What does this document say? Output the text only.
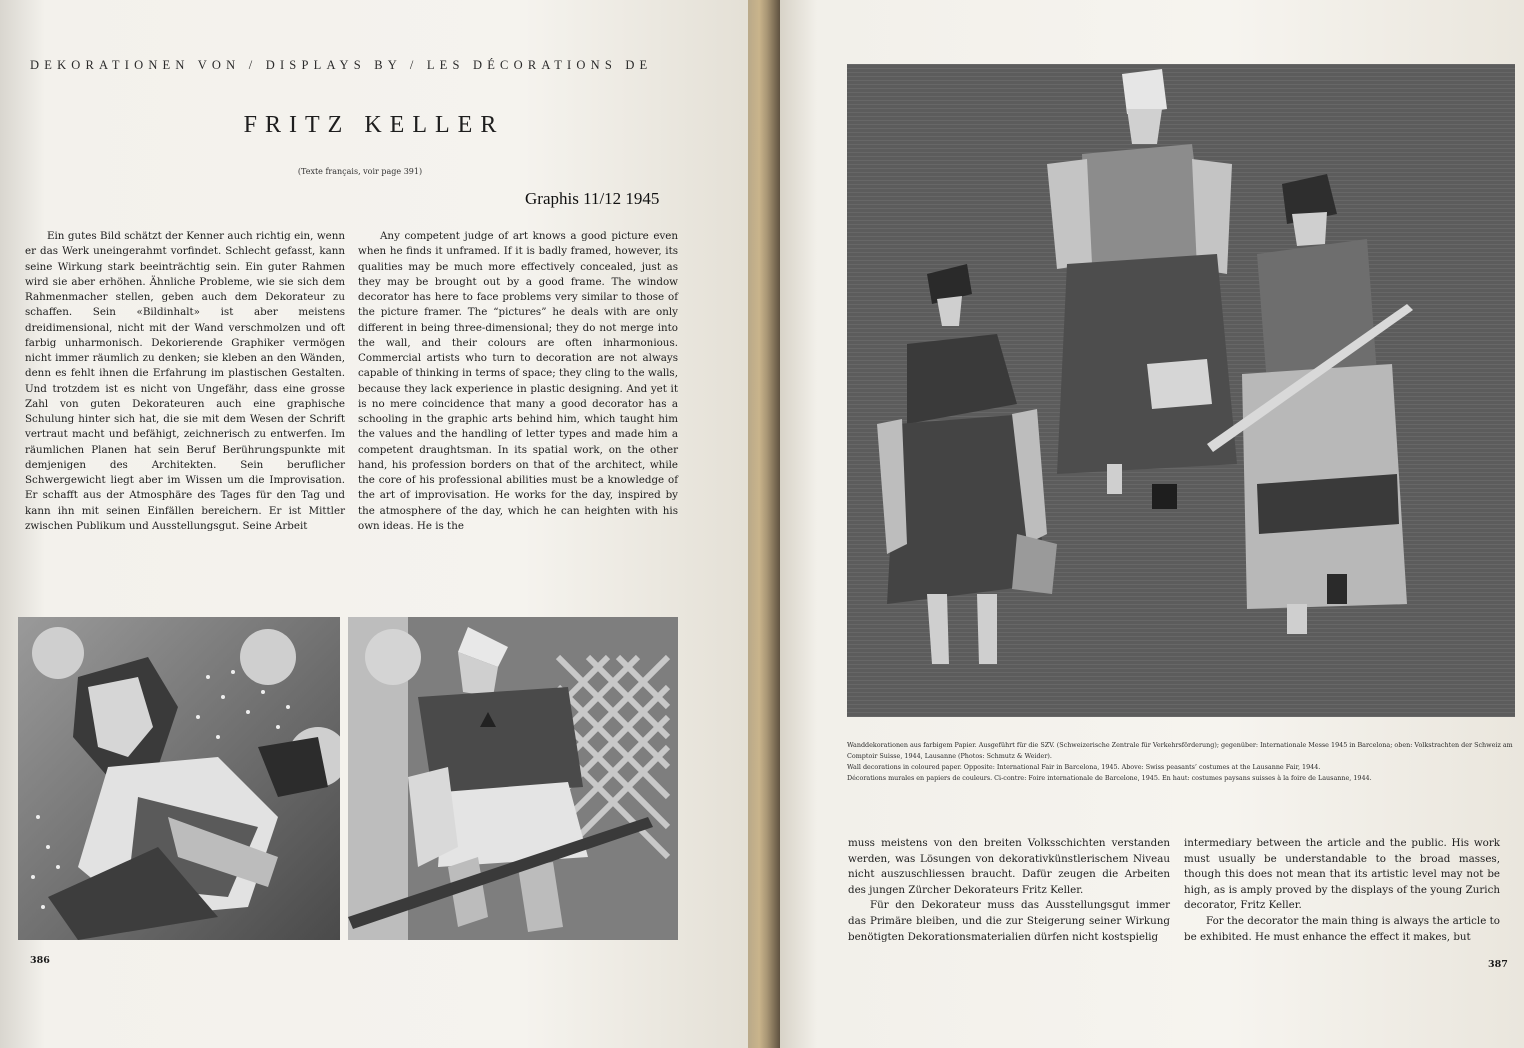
DEKORATIONEN VON / DISPLAYS BY / LES DÉCORATIONS DE
FRITZ KELLER
(Texte français, voir page 391)
Graphis 11/12 1945

Ein gutes Bild schätzt der Kenner auch richtig ein, wenn er das Werk uneingerahmt vorfindet. Schlecht gefasst, kann seine Wirkung stark beeinträchtig sein. Ein guter Rahmen wird sie aber erhöhen. Ähnliche Probleme, wie sie sich dem Rahmenmacher stellen, geben auch dem Dekorateur zu schaffen. Sein «Bildinhalt» ist aber meistens dreidimensional, nicht mit der Wand verschmolzen und oft farbig unharmonisch. Dekorierende Graphiker vermögen nicht immer räumlich zu denken; sie kleben an den Wänden, denn es fehlt ihnen die Erfahrung im plastischen Gestalten. Und trotzdem ist es nicht von Ungefähr, dass eine grosse Zahl von guten Dekorateuren auch eine graphische Schulung hinter sich hat, die sie mit dem Wesen der Schrift vertraut macht und befähigt, zeichnerisch zu entwerfen. Im räumlichen Planen hat sein Beruf Berührungspunkte mit demjenigen des Architekten. Sein beruflicher Schwergewicht liegt aber im Wissen um die Improvisation. Er schafft aus der Atmosphäre des Tages für den Tag und kann ihn mit seinen Einfällen bereichern. Er ist Mittler zwischen Publikum und Ausstellungsgut. Seine Arbeit

Any competent judge of art knows a good picture even when he finds it unframed. If it is badly framed, however, its qualities may be much more effectively concealed, just as they may be brought out by a good frame. The window decorator has here to face problems very similar to those of the picture framer. The “pictures” he deals with are only different in being three-dimensional; they do not merge into the wall, and their colours are often inharmonious. Commercial artists who turn to decoration are not always capable of thinking in terms of space; they cling to the walls, because they lack experience in plastic designing. And yet it is no mere coincidence that many a good decorator has a schooling in the graphic arts behind him, which taught him the values and the handling of letter types and made him a competent draughtsman. In its spatial work, on the other hand, his profession borders on that of the architect, while the core of his professional abilities must be a knowledge of the art of improvisation. He works for the day, inspired by the atmosphere of the day, which he can heighten with his own ideas. He is the

386
Wanddekorationen aus farbigem Papier. Ausgeführt für die SZV. (Schweizerische Zentrale für Verkehrsförderung); gegenüber: Internationale Messe 1945 in Barcelona; oben: Volkstrachten der Schweiz am Comptoir Suisse, 1944, Lausanne (Photos: Schmutz & Weider).
Wall decorations in coloured paper. Opposite: International Fair in Barcelona, 1945. Above: Swiss peasants’ costumes at the Lausanne Fair, 1944.
Décorations murales en papiers de couleurs. Ci-contre: Foire internationale de Barcelone, 1945. En haut: costumes paysans suisses à la foire de Lausanne, 1944.

muss meistens von den breiten Volksschichten verstanden werden, was Lösungen von dekorativkünstlerischem Niveau nicht auszuschliessen braucht. Dafür zeugen die Arbeiten des jungen Zürcher Dekorateurs Fritz Keller.

Für den Dekorateur muss das Ausstellungsgut immer das Primäre bleiben, und die zur Steigerung seiner Wirkung benötigten Dekorationsmaterialien dürfen nicht kostspielig

intermediary between the article and the public. His work must usually be understandable to the broad masses, though this does not mean that its artistic level may not be high, as is amply proved by the displays of the young Zurich decorator, Fritz Keller.

For the decorator the main thing is always the article to be exhibited. He must enhance the effect it makes, but

387
